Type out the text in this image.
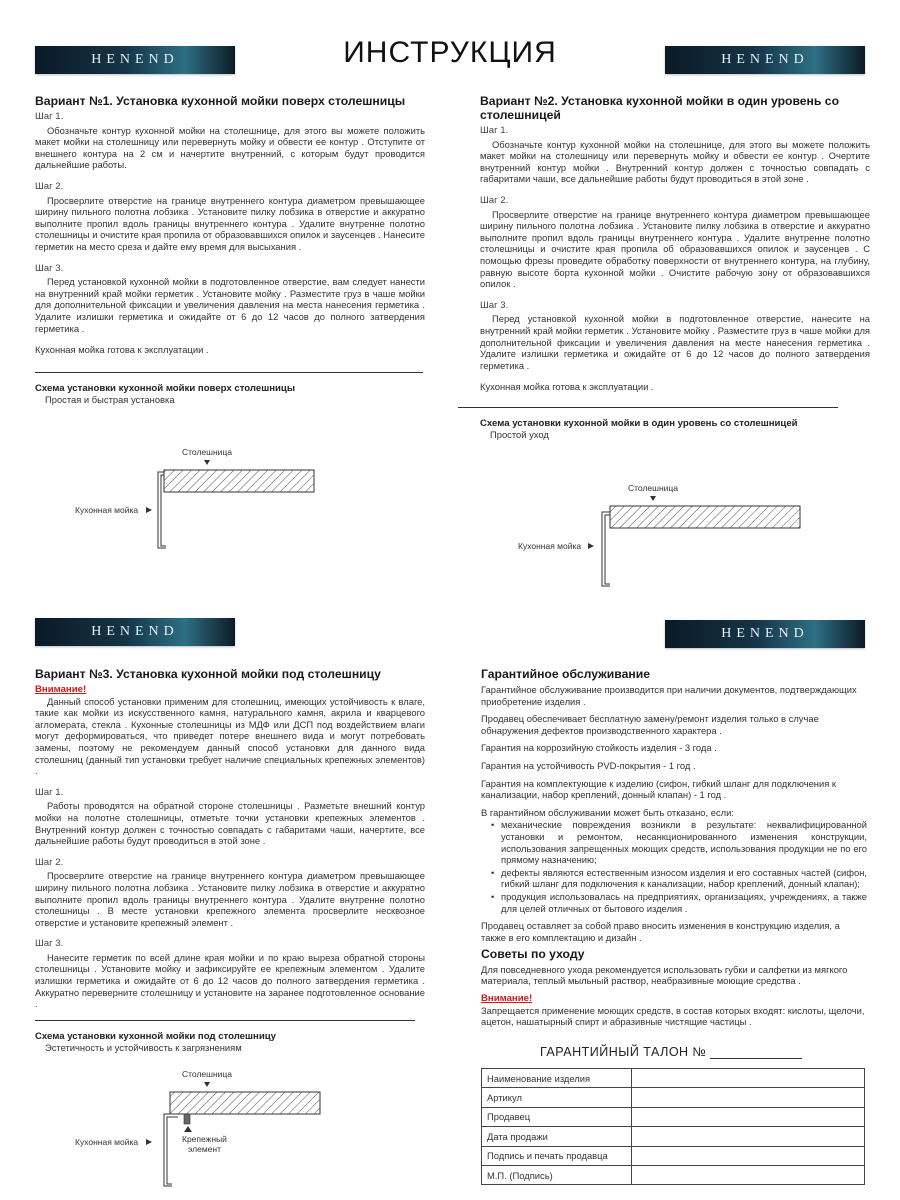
HENEND	HENEND
HENEND	HENEND
ИНСТРУКЦИЯ
Вариант №1. Установка кухонной мойки поверх столешницы
Шаг 1.

Обозначьте контур кухонной мойки на столешнице, для этого вы можете положить макет мойки на столешницу или перевернуть мойку и обвести ее контур . Отступите от внешнего контура на 2 см и начертите внутренний, с которым будут проводится дальнейшие работы.

Шаг 2.

Просверлите отверстие на границе внутреннего контура диаметром превышающее ширину пильного полотна лобзика . Установите пилку лобзика в отверстие и аккуратно выполните пропил вдоль границы внутреннего контура . Удалите внутренне полотно столешницы и очистите края пропила от образовавшихся опилок и заусенцев . Нанесите герметик на место среза и дайте ему время для высыхания .

Шаг 3.

Перед установкой кухонной мойки в подготовленное отверстие, вам следует нанести на внутренний край мойки герметик . Установите мойку . Разместите груз в чаше мойки для дополнительной фиксации и увеличения давления на места нанесения герметика . Удалите излишки герметика и ожидайте от 6 до 12 часов до полного затвердения герметика .

Кухонная мойка готова к эксплуатации .

Схема установки кухонной мойки поверх столешницы
Простая и быстрая установка
Столешница
Кухонная мойка
Вариант №2. Установка кухонной мойки в один уровень со столешницей
Шаг 1.

Обозначьте контур кухонной мойки на столешнице, для этого вы можете положить макет мойки на столешницу или перевернуть мойку и обвести ее контур . Очертите внутренний контур мойки . Внутренний контур должен с точностью совпадать с габаритами чаши, все дальнейшие работы будут проводиться в этой зоне .

Шаг 2.

Просверлите отверстие на границе внутреннего контура диаметром превышающее ширину пильного полотна лобзика . Установите пилку лобзика в отверстие и аккуратно выполните пропил вдоль границы внутреннего контура . Удалите внутренне полотно столешницы и очистите края пропила об образовавшихся опилок и заусенцев . С помощью фрезы проведите обработку поверхности от внутреннего контура, на глубину, равную высоте борта кухонной мойки . Очистите рабочую зону от образовавшихся опилок .

Шаг 3.

Перед установкой кухонной мойки в подготовленное отверстие, нанесите на внутренний край мойки герметик . Установите мойку . Разместите груз в чаше мойки для дополнительной фиксации и увеличения давления на месте нанесения герметика . Удалите излишки герметика и ожидайте от 6 до 12 часов до полного затвердения герметика .

Кухонная мойка готова к эксплуатации .

Схема установки кухонной мойки в один уровень со столешницей
Простой уход
Столешница
Кухонная мойка
Вариант №3. Установка кухонной мойки под столешницу
Внимание!

Данный способ установки применим для столешниц, имеющих устойчивость к влаге, такие как мойки из искусственного камня, натурального камня, акрила и кварцевого агломерата, стекла . Кухонные столешницы из МДФ или ДСП под воздействием влаги могут деформироваться, что приведет потере внешнего вида и могут потребовать замены, поэтому не рекомендуем данный способ установки для данного вида столешниц (данный тип установки требует наличие специальных крепежных элементов) .

Шаг 1.

Работы проводятся на обратной стороне столешницы . Разметьте внешний контур мойки на полотне столешницы, отметьте точки установки крепежных элементов . Внутренний контур должен с точностью совпадать с габаритами чаши, начертите, все дальнейшие работы будут проводиться в этой зоне .

Шаг 2.

Просверлите отверстие на границе внутреннего контура диаметром превышающее ширину пильного полотна лобзика . Установите пилку лобзика в отверстие и аккуратно выполните пропил вдоль границы внутреннего контура . Удалите внутренне полотно столешницы . В месте установки крепежного элемента просверлите несквозное отверстие и установите крепежный элемент .

Шаг 3.

Нанесите герметик по всей длине края мойки и по краю выреза обратной стороны столешницы . Установите мойку и зафиксируйте ее крепежным элементом . Удалите излишки герметика и ожидайте от 6 до 12 часов до полного затвердения герметика . Аккуратно переверните столешницу и установите на заранее подготовленное основание .

Схема установки кухонной мойки под столешницу
Эстетичность и устойчивость к загрязнениям
Столешница
Крепежный
элемент
Кухонная мойка
Гарантийное обслуживание

Гарантийное обслуживание производится при наличии документов, подтверждающих приобретение изделия .

Продавец обеспечивает бесплатную замену/ремонт изделия только в случае обнаружения дефектов производственного характера .

Гарантия на коррозийную стойкость изделия - 3 года .

Гарантия на устойчивость PVD-покрытия - 1 год .

Гарантия на комплектующие к изделию (сифон, гибкий шланг для подключения к канализации, набор креплений, донный клапан) - 1 год .

В гарантийном обслуживании может быть отказано, если:

• механические повреждения возникли в результате: неквалифицированной установки и ремонтом, несанкционированного изменения конструкции, использования запрещенных моющих средств, использования продукции не по его прямому назначению;
• дефекты являются естественным износом изделия и его составных частей (сифон, гибкий шланг для подключения к канализации, набор креплений, донный клапан);
• продукция использовалась на предприятиях, организациях, учреждениях, а также для целей отличных от бытового изделия .

Продавец оставляет за собой право вносить изменения в конструкцию изделия, а также в его комплектацию и дизайн .

Советы по уходу

Для повседневного ухода рекомендуется использовать губки и салфетки из мягкого материала, теплый мыльный раствор, неабразивные моющие средства .

Внимание!

Запрещается применение моющих средств, в состав которых входят: кислоты, щелочи, ацетон, нашатырный спирт и абразивные чистящие частицы .

ГАРАНТИЙНЫЙ ТАЛОН №
Наименование изделия	
Артикул	
Продавец	
Дата продажи	
Подпись и печать продавца	
М.П. (Подпись)	
